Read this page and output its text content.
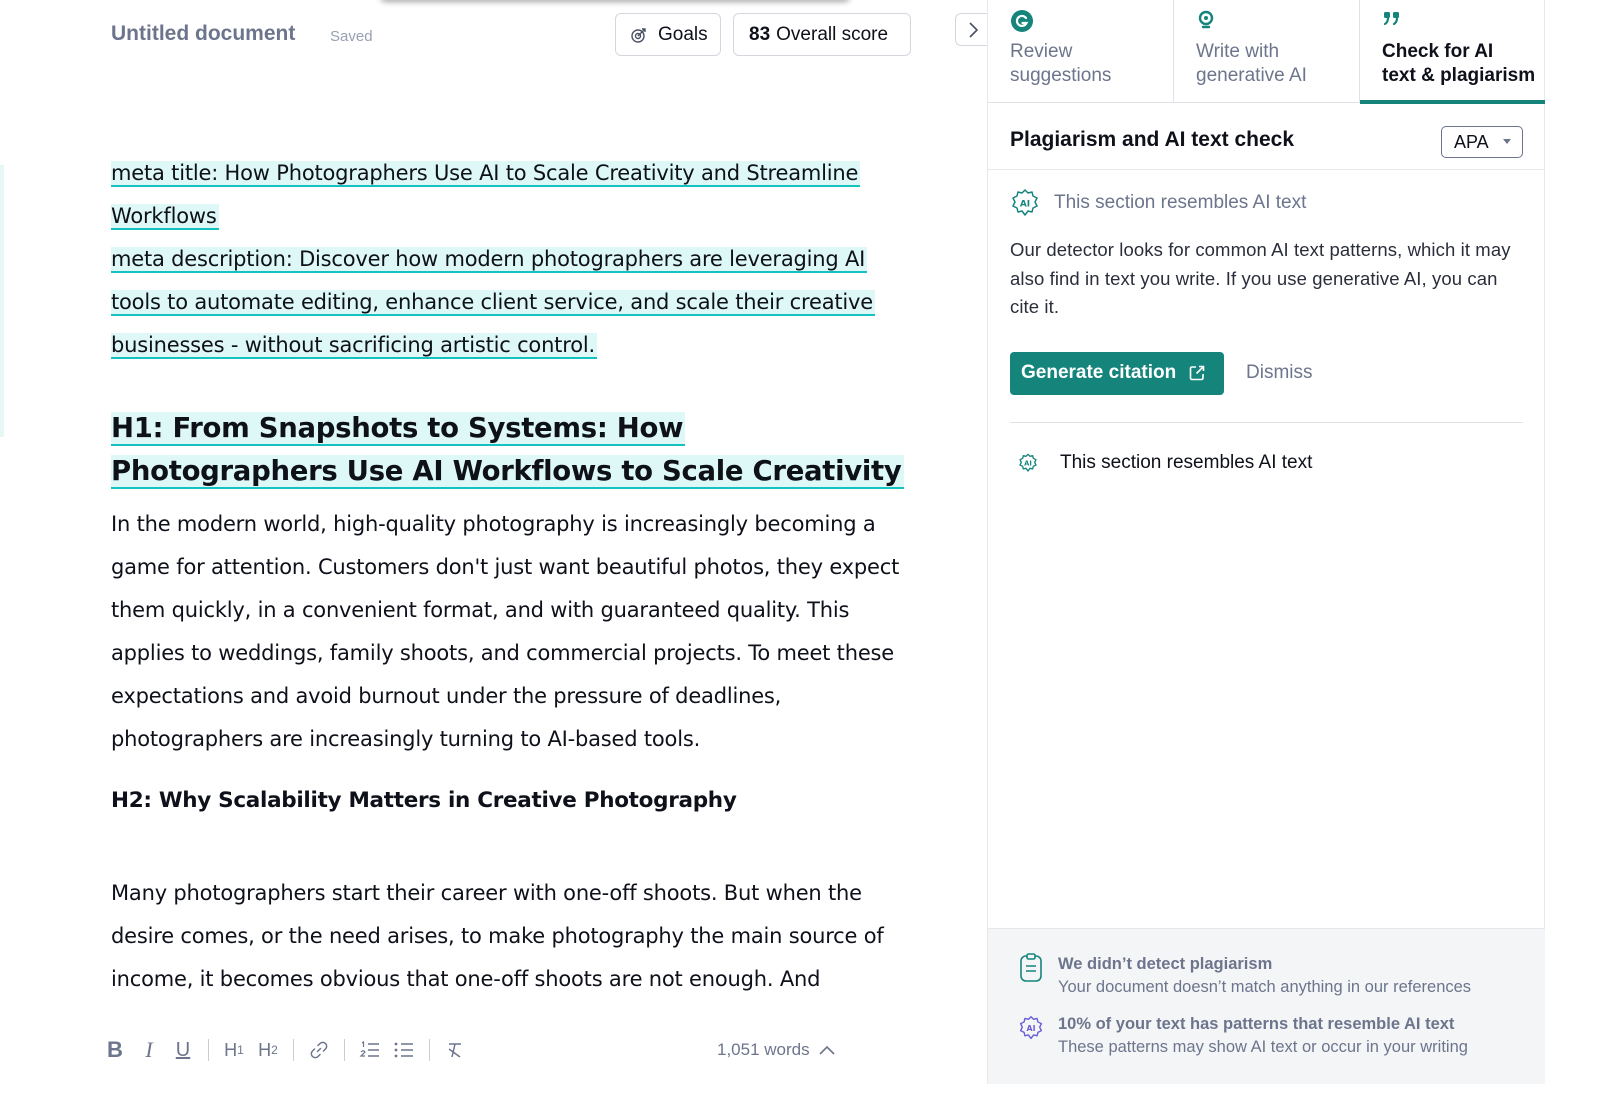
Untitled document Saved	Goals 83 Overall score
meta title: How Photographers Use AI to Scale Creativity and Streamline Workflows
meta description: Discover how modern photographers are leveraging AI tools to automate editing, enhance client service, and scale their creative businesses - without sacrificing artistic control.
H1: From Snapshots to Systems: How Photographers Use AI Workflows to Scale Creativity

In the modern world, high-quality photography is increasingly becoming a game for attention. Customers don't just want beautiful photos, they expect them quickly, in a convenient format, and with guaranteed quality. This applies to weddings, family shoots, and commercial projects. To meet these expectations and avoid burnout under the pressure of deadlines, photographers are increasingly turning to AI-based tools.

H2: Why Scalability Matters in Creative Photography

Many photographers start their career with one-off shoots. But when the desire comes, or the need arises, to make photography the main source of income, it becomes obvious that one-off shoots are not enough. And

B	I	U	H 1 H 2	1,051 words
Review
suggestions
Write with
generative AI
Check for AI
text & plagiarism
Plagiarism and AI text check	APA
AI This section resembles AI text

Our detector looks for common AI text patterns, which it may also find in text you write. If you use generative AI, you can cite it.

Generate citation	Dismiss
AI This section resembles AI text
We didn’t detect plagiarism
Your document doesn’t match anything in our references
AI 10% of your text has patterns that resemble AI text
These patterns may show AI text or occur in your writing
